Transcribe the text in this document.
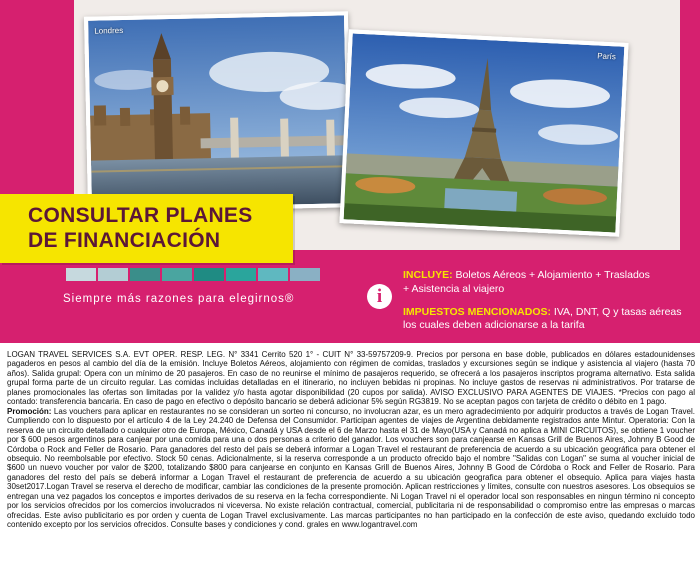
Londres
París
CONSULTAR PLANES
DE FINANCIACIÓN
Siempre más razones para elegirnos®	i
INCLUYE: Boletos Aéreos + Alojamiento + Traslados
+ Asistencia al viajero
IMPUESTOS MENCIONADOS: IVA, DNT, Q y tasas aéreas
los cuales deben adicionarse a la tarifa

LOGAN TRAVEL SERVICES S.A. EVT OPER. RESP. LEG. N° 3341 Cerrito 520 1° - CUIT N° 33-59757209-9. Precios por persona en base doble, publicados en dólares estadounidenses pagaderos en pesos al cambio del día de la emisión. Incluye Boletos Aéreos, alojamiento con régimen de comidas, traslados y excursiones según se indique y asistencia al viajero (hasta 70 años). Salida grupal: Opera con un mínimo de 20 pasajeros. En caso de no reunirse el mínimo de pasajeros requerido, se ofrecerá a los pasajeros inscriptos programa alternativo. Esta salida grupal forma parte de un circuito regular. Las comidas incluidas detalladas en el itinerario, no incluyen bebidas ni propinas. No incluye gastos de reservas ni administrativos. Por tratarse de planes promocionales las ofertas son limitadas por la validez y/o hasta agotar disponibilidad (20 cupos por salida). AVISO EXCLUSIVO PARA AGENTES DE VIAJES. *Precios con pago al contado: transferencia bancaria. En caso de pago en efectivo o depósito bancario se deberá adicionar 5% según RG3819. No se aceptan pagos con tarjeta de crédito o débito en 1 pago.

Promoción: Las vouchers para aplicar en restaurantes no se consideran un sorteo ni concurso, no involucran azar, es un mero agradecimiento por adquirir productos a través de Logan Travel. Cumpliendo con lo dispuesto por el artículo 4 de la Ley 24.240 de Defensa del Consumidor. Participan agentes de viajes de Argentina debidamente registrados ante Mintur. Operatoria: Con la reserva de un circuito detallado o cualquier otro de Europa, México, Canadá y USA desde el 6 de Marzo hasta el 31 de Mayo(USA y Canadá no aplica a MINI CIRCUITOS), se obtiene 1 voucher por $ 600 pesos argentinos para canjear por una comida para una o dos personas a criterio del ganador. Los vouchers son para canjearse en Kansas Grill de Buenos Aires, Johnny B Good de Córdoba o Rock and Feller de Rosario. Para ganadores del resto del país se deberá informar a Logan Travel el restaurant de preferencia de acuerdo a su ubicación geográfica para obtener el obsequio. No reembolsable por efectivo. Stock 50 cenas. Adicionalmente, si la reserva corresponde a un producto ofrecido bajo el nombre "Salidas con Logan" se suma al voucher inicial de $600 un nuevo voucher por valor de $200, totalizando $800 para canjearse en conjunto en Kansas Grill de Buenos Aires, Johnny B Good de Córdoba o Rock and Feller de Rosario. Para ganadores del resto del país se deberá informar a Logan Travel el restaurant de preferencia de acuerdo a su ubicación geografica para obtener el obsequio. Aplica para viajes hasta 30set2017.Logan Travel se reserva el derecho de modificar, cambiar las condiciones de la presente promoción. Aplican restricciones y límites, consulte con nuestros asesores. Los obsequios se entregan una vez pagados los conceptos e importes derivados de su reserva en la fecha correspondiente. Ni Logan Travel ni el operador local son responsables en ningun término ni concepto por los servicios ofrecidos por los comercios involucrados ni viceversa. No existe relación contractual, comercial, publicitaria ni de responsabilidad o compromiso entre las empresas o marcas ofrecidas. Este aviso publicitario es por orden y cuenta de Logan Travel exclusivamente. Las marcas participantes no han participado en la confección de este aviso, quedando excluido todo contenido excepto por los servicios ofrecidos. Consulte bases y condiciones y cond. grales en www.logantravel.com
